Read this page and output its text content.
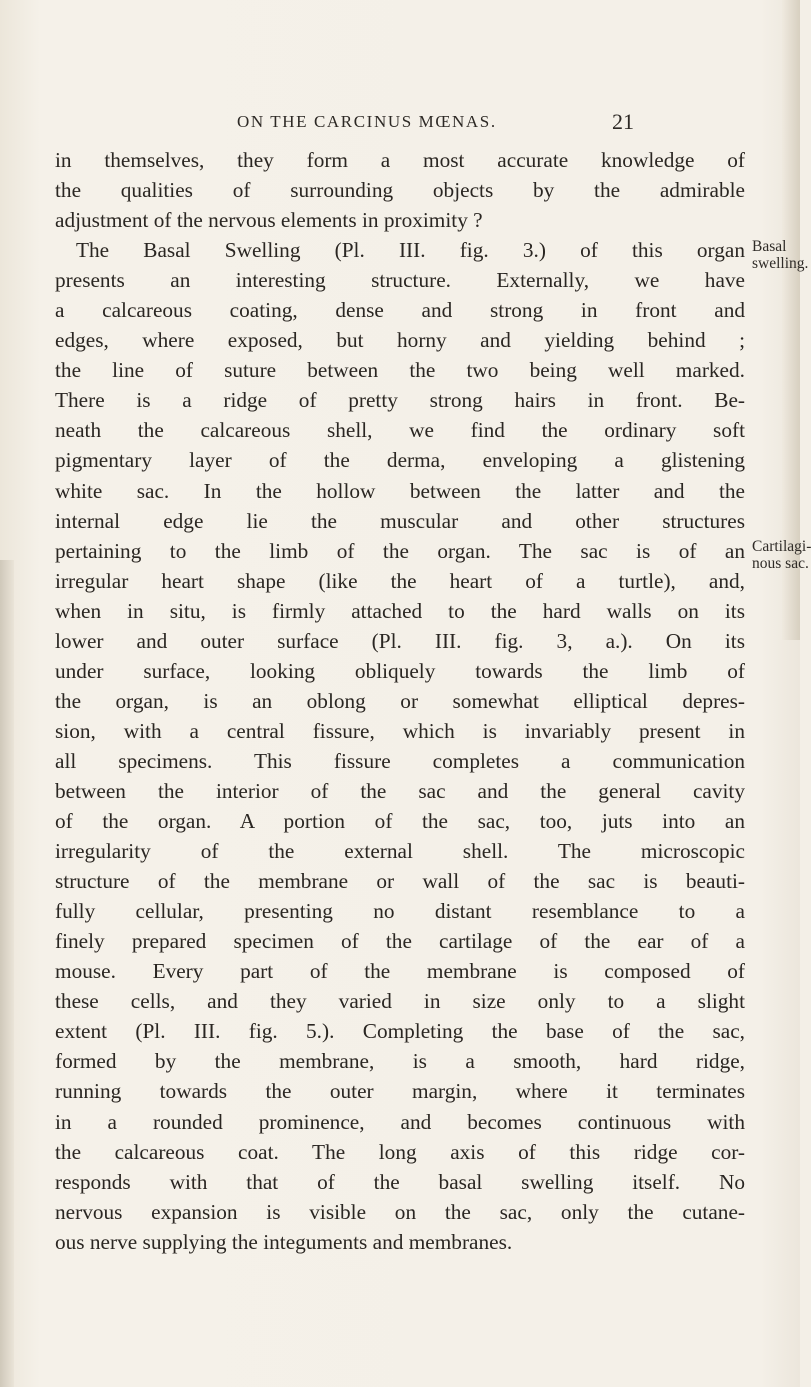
ON THE CARCINUS MŒNAS.	21
in themselves, they form a most accurate knowledge of
the qualities of surrounding objects by the admirable
adjustment of the nervous elements in proximity ?
The Basal Swelling (Pl. III. fig. 3.) of this organ
presents an interesting structure. Externally, we have
a calcareous coating, dense and strong in front and
edges, where exposed, but horny and yielding behind ;
the line of suture between the two being well marked.
There is a ridge of pretty strong hairs in front. Be-
neath the calcareous shell, we find the ordinary soft
pigmentary layer of the derma, enveloping a glistening
white sac. In the hollow between the latter and the
internal edge lie the muscular and other structures
pertaining to the limb of the organ. The sac is of an
irregular heart shape (like the heart of a turtle), and,
when in situ, is firmly attached to the hard walls on its
lower and outer surface (Pl. III. fig. 3, a.). On its
under surface, looking obliquely towards the limb of
the organ, is an oblong or somewhat elliptical depres-
sion, with a central fissure, which is invariably present in
all specimens. This fissure completes a communication
between the interior of the sac and the general cavity
of the organ. A portion of the sac, too, juts into an
irregularity of the external shell. The microscopic
structure of the membrane or wall of the sac is beauti-
fully cellular, presenting no distant resemblance to a
finely prepared specimen of the cartilage of the ear of a
mouse. Every part of the membrane is composed of
these cells, and they varied in size only to a slight
extent (Pl. III. fig. 5.). Completing the base of the sac,
formed by the membrane, is a smooth, hard ridge,
running towards the outer margin, where it terminates
in a rounded prominence, and becomes continuous with
the calcareous coat. The long axis of this ridge cor-
responds with that of the basal swelling itself. No
nervous expansion is visible on the sac, only the cutane-
ous nerve supplying the integuments and membranes.
Basal
swelling.
Cartilagi-
nous sac.
